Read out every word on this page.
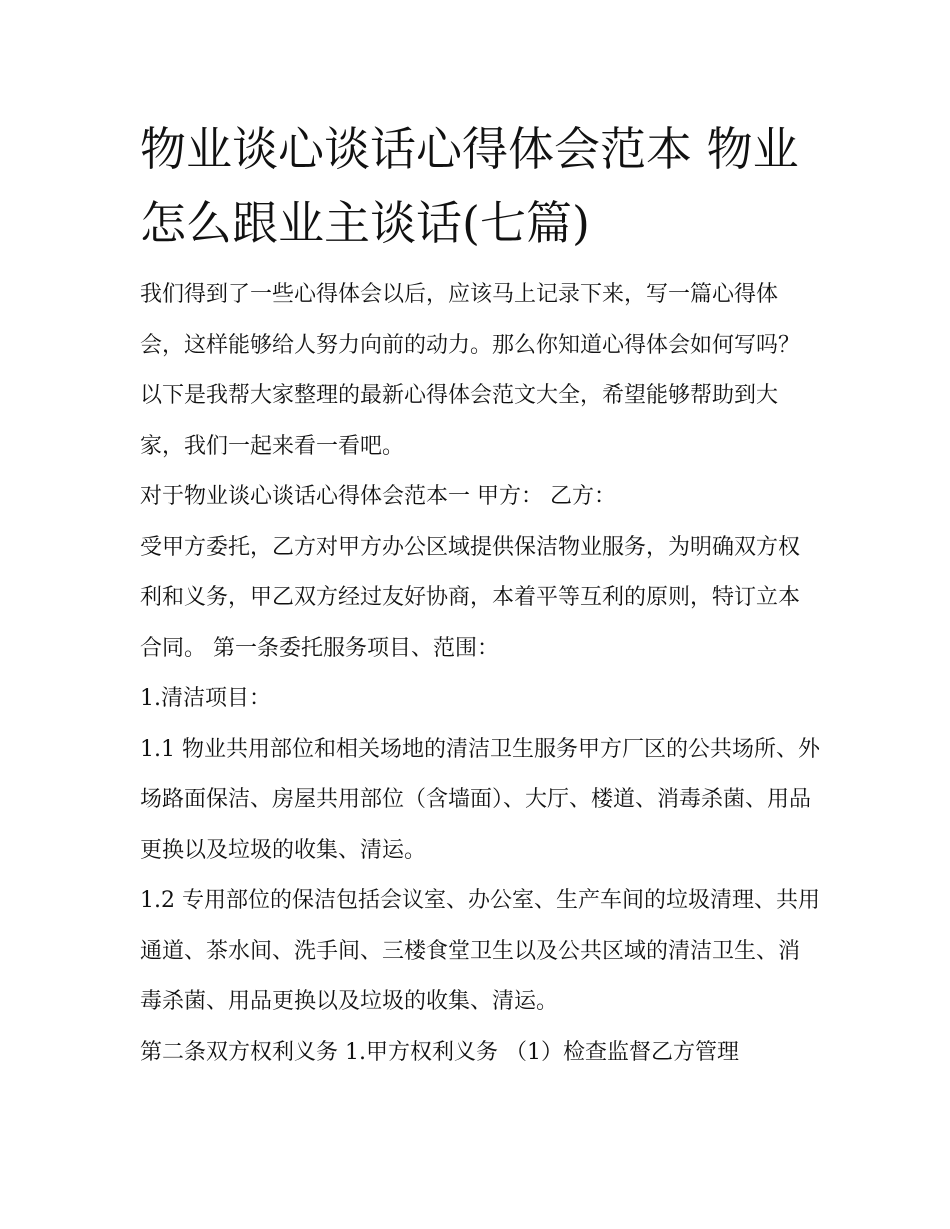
物业谈心谈话心得体会范本 物业怎么跟业主谈话(七篇)

我们得到了一些心得体会以后，应该马上记录下来，写一篇心得体会，这样能够给人努力向前的动力。那么你知道心得体会如何写吗？以下是我帮大家整理的最新心得体会范文大全，希望能够帮助到大家，我们一起来看一看吧。

对于物业谈心谈话心得体会范本一 甲方： 乙方：

受甲方委托，乙方对甲方办公区域提供保洁物业服务，为明确双方权利和义务，甲乙双方经过友好协商，本着平等互利的原则，特订立本合同。 第一条委托服务项目、范围：

1.清洁项目：

1.1 物业共用部位和相关场地的清洁卫生服务甲方厂区的公共场所、外场路面保洁、房屋共用部位（含墙面）、大厅、楼道、消毒杀菌、用品更换以及垃圾的收集、清运。

1.2 专用部位的保洁包括会议室、办公室、生产车间的垃圾清理、共用通道、茶水间、洗手间、三楼食堂卫生以及公共区域的清洁卫生、消毒杀菌、用品更换以及垃圾的收集、清运。

第二条双方权利义务 1.甲方权利义务 （1）检查监督乙方管理
